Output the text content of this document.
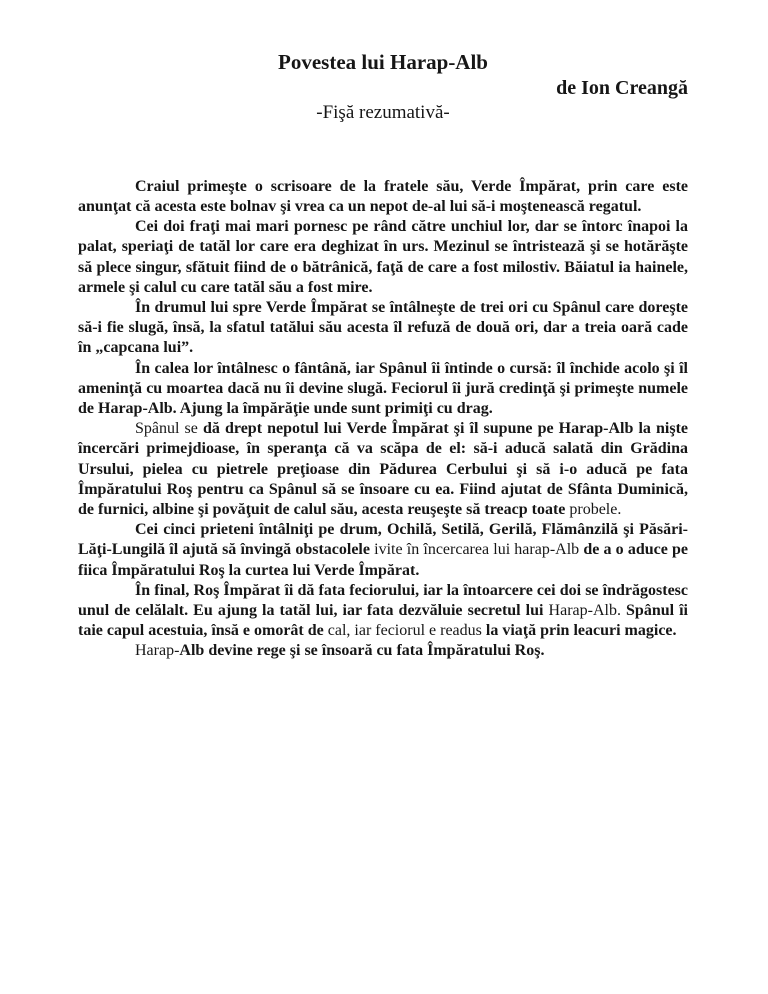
Povestea lui Harap-Alb
de Ion Creangă
-Fişă rezumativă-

Craiul primeşte o scrisoare de la fratele său, Verde Împărat, prin care este anunţat că acesta este bolnav şi vrea ca un nepot de-al lui să-i moştenească regatul.

Cei doi fraţi mai mari pornesc pe rând către unchiul lor, dar se întorc înapoi la palat, speriaţi de tatăl lor care era deghizat în urs. Mezinul se întristează şi se hotărăşte să plece singur, sfătuit fiind de o bătrânică, faţă de care a fost milostiv. Băiatul ia hainele, armele şi calul cu care tatăl său a fost mire.

În drumul lui spre Verde Împărat se întâlneşte de trei ori cu Spânul care doreşte să-i fie slugă, însă, la sfatul tatălui său acesta îl refuză de două ori, dar a treia oară cade în „capcana lui”.

În calea lor întâlnesc o fântână, iar Spânul îi întinde o cursă: îl închide acolo şi îl ameninţă cu moartea dacă nu îi devine slugă. Feciorul îi jură credinţă şi primeşte numele de Harap-Alb. Ajung la împărăţie unde sunt primiţi cu drag.

Spânul se dă drept nepotul lui Verde Împărat şi îl supune pe Harap-Alb la nişte încercări primejdioase, în speranţa că va scăpa de el: să-i aducă salată din Grădina Ursului, pielea cu pietrele preţioase din Pădurea Cerbului şi să i-o aducă pe fata Împăratului Roş pentru ca Spânul să se însoare cu ea. Fiind ajutat de Sfânta Duminică, de furnici, albine şi povăţuit de calul său, acesta reuşeşte să treacp toate probele.

Cei cinci prieteni întâlniţi pe drum, Ochilă, Setilă, Gerilă, Flămânzilă şi Păsări-Lăţi-Lungilă îl ajută să învingă obstacolele ivite în încercarea lui harap-Alb de a o aduce pe fiica Împăratului Roş la curtea lui Verde Împărat.

În final, Roş Împărat îi dă fata feciorului, iar la întoarcere cei doi se îndrăgostesc unul de celălalt. Eu ajung la tatăl lui, iar fata dezvăluie secretul lui Harap-Alb. Spânul îi taie capul acestuia, însă e omorât de cal, iar feciorul e readus la viaţă prin leacuri magice.

Harap-Alb devine rege şi se însoară cu fata Împăratului Roş.
